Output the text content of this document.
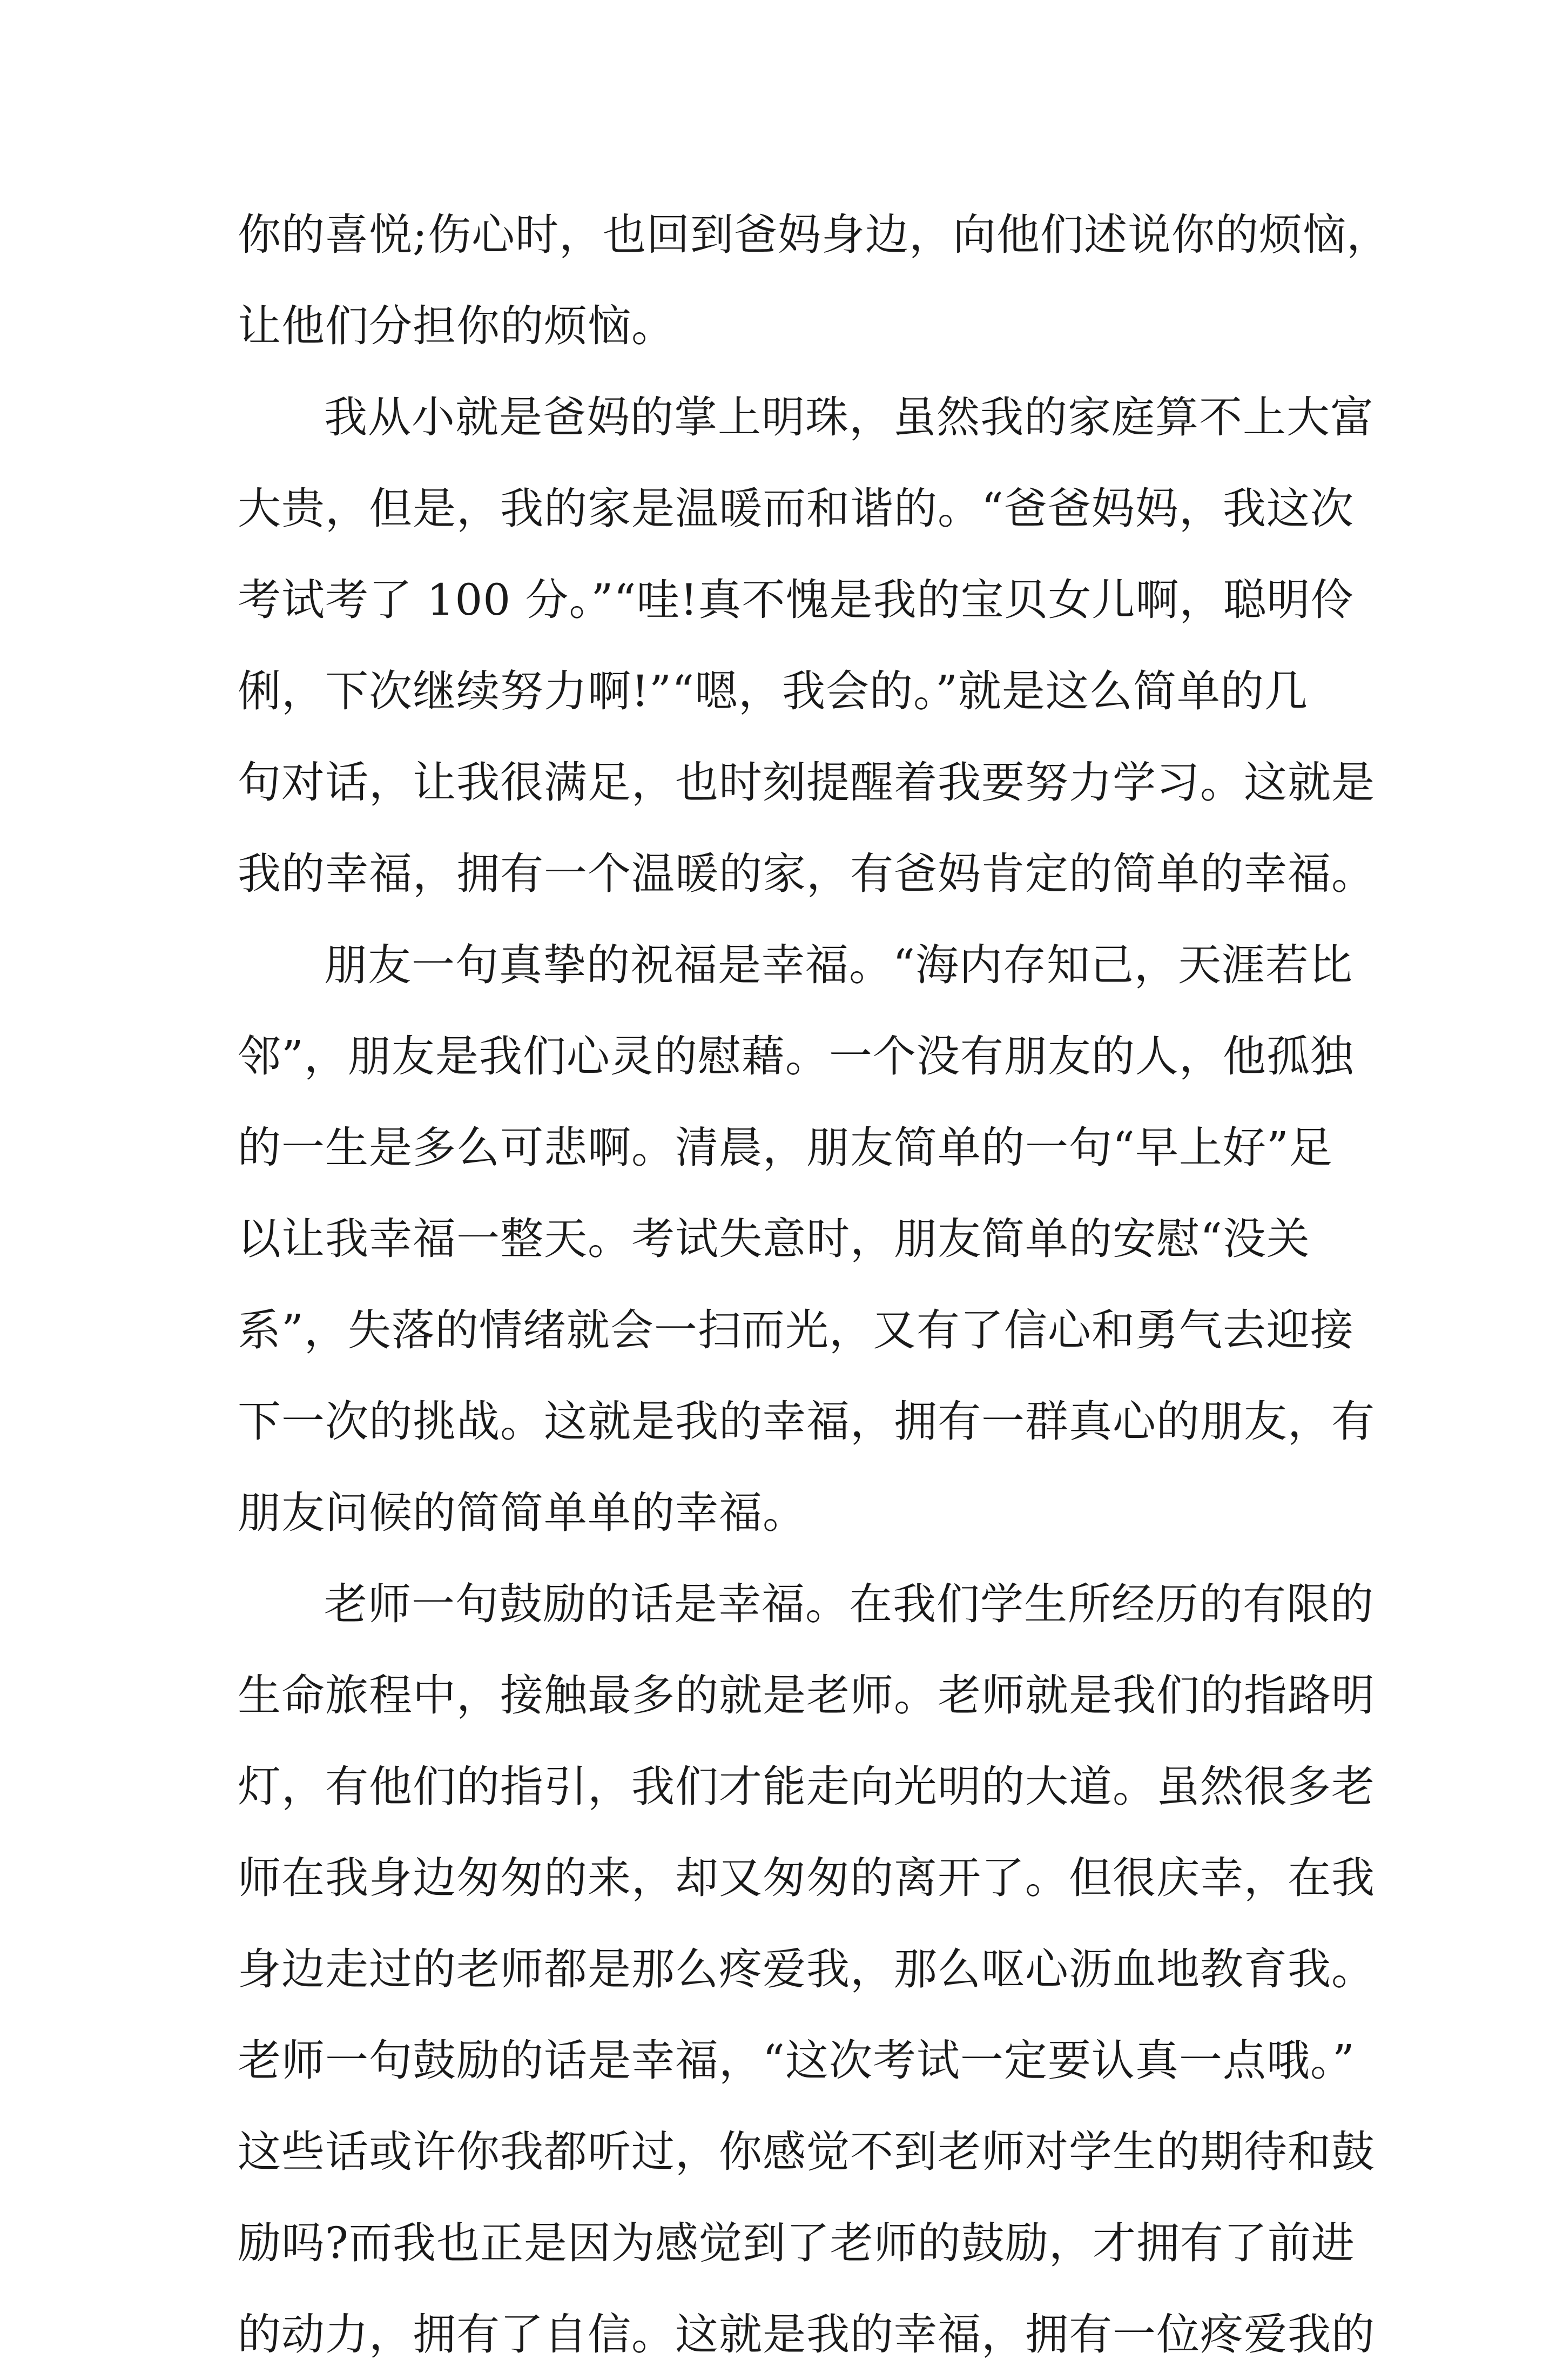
你的喜悦;伤心时，也回到爸妈身边，向他们述说你的烦恼，
让他们分担你的烦恼。
我从小就是爸妈的掌上明珠，虽然我的家庭算不上大富
大贵，但是，我的家是温暖而和谐的。“爸爸妈妈，我这次
考试考了 100 分。”“哇!真不愧是我的宝贝女儿啊，聪明伶
俐，下次继续努力啊!”“嗯，我会的。”就是这么简单的几
句对话，让我很满足，也时刻提醒着我要努力学习。这就是
我的幸福，拥有一个温暖的家，有爸妈肯定的简单的幸福。
朋友一句真挚的祝福是幸福。“海内存知己，天涯若比
邻”，朋友是我们心灵的慰藉。一个没有朋友的人，他孤独
的一生是多么可悲啊。清晨，朋友简单的一句“早上好”足
以让我幸福一整天。考试失意时，朋友简单的安慰“没关
系”，失落的情绪就会一扫而光，又有了信心和勇气去迎接
下一次的挑战。这就是我的幸福，拥有一群真心的朋友，有
朋友问候的简简单单的幸福。
老师一句鼓励的话是幸福。在我们学生所经历的有限的
生命旅程中，接触最多的就是老师。老师就是我们的指路明
灯，有他们的指引，我们才能走向光明的大道。虽然很多老
师在我身边匆匆的来，却又匆匆的离开了。但很庆幸，在我
身边走过的老师都是那么疼爱我，那么呕心沥血地教育我。
老师一句鼓励的话是幸福，“这次考试一定要认真一点哦。”
这些话或许你我都听过，你感觉不到老师对学生的期待和鼓
励吗?而我也正是因为感觉到了老师的鼓励，才拥有了前进
的动力，拥有了自信。这就是我的幸福，拥有一位疼爱我的
